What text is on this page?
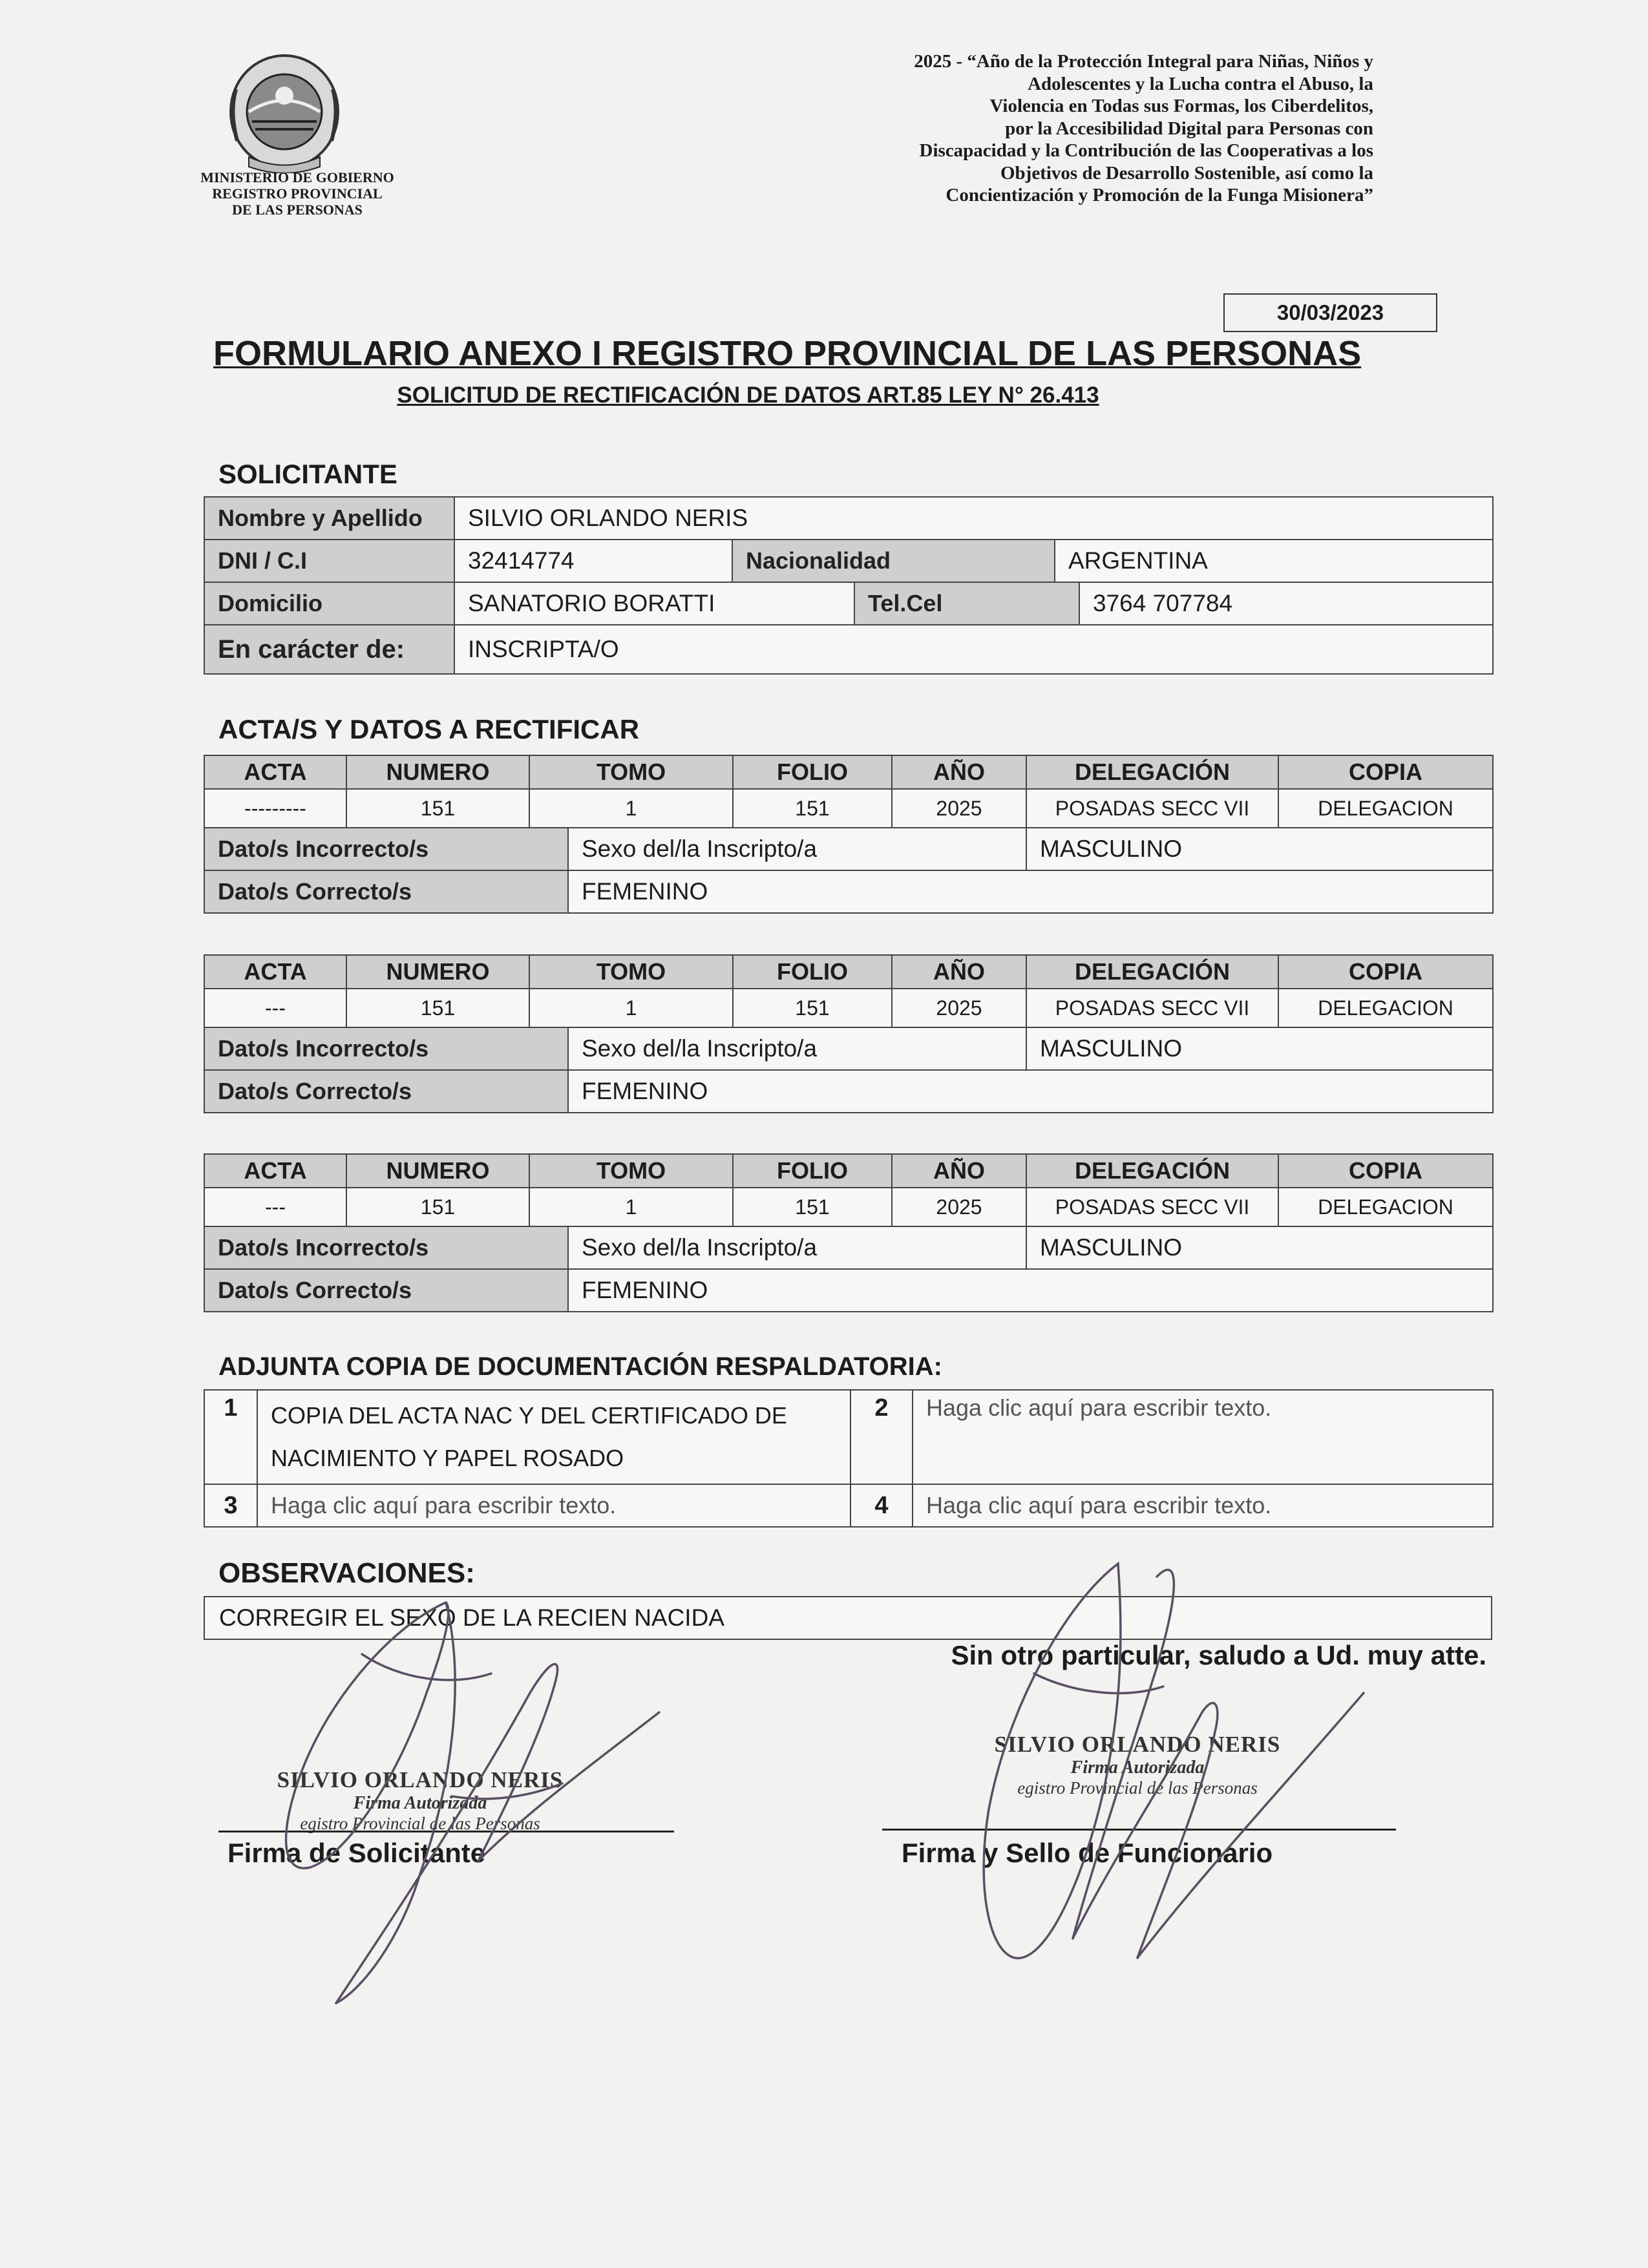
MINISTERIO DE GOBIERNO
REGISTRO PROVINCIAL
DE LAS PERSONAS
2025 - “Año de la Protección Integral para Niñas, Niños y
Adolescentes y la Lucha contra el Abuso, la
Violencia en Todas sus Formas, los Ciberdelitos,
por la Accesibilidad Digital para Personas con
Discapacidad y la Contribución de las Cooperativas a los
Objetivos de Desarrollo Sostenible, así como la
Concientización y Promoción de la Funga Misionera”
30/03/2023
FORMULARIO ANEXO I REGISTRO PROVINCIAL DE LAS PERSONAS
SOLICITUD DE RECTIFICACIÓN DE DATOS ART.85 LEY N° 26.413
SOLICITANTE
Nombre y Apellido	SILVIO ORLANDO NERIS				
DNI / C.I	32414774	Nacionalidad		ARGENTINA	
Domicilio	SANATORIO BORATTI		Tel.Cel		3764 707784
En carácter de:	INSCRIPTA/O				
ACTA/S Y DATOS A RECTIFICAR
ACTA	NUMERO	TOMO		FOLIO	AÑO	DELEGACIÓN	COPIA
---------	151	1		151	2025	POSADAS SECC VII	DELEGACION
Dato/s Incorrecto/s			Sexo del/la Inscripto/a			MASCULINO	
Dato/s Correcto/s			FEMENINO				
ACTA	NUMERO	TOMO		FOLIO	AÑO	DELEGACIÓN	COPIA
---	151	1		151	2025	POSADAS SECC VII	DELEGACION
Dato/s Incorrecto/s			Sexo del/la Inscripto/a			MASCULINO	
Dato/s Correcto/s			FEMENINO				
ACTA	NUMERO	TOMO		FOLIO	AÑO	DELEGACIÓN	COPIA
---	151	1		151	2025	POSADAS SECC VII	DELEGACION
Dato/s Incorrecto/s			Sexo del/la Inscripto/a			MASCULINO	
Dato/s Correcto/s			FEMENINO				
ADJUNTA COPIA DE DOCUMENTACIÓN RESPALDATORIA:
1	COPIA DEL ACTA NAC Y DEL CERTIFICADO DE
NACIMIENTO Y PAPEL ROSADO	2	Haga clic aquí para escribir texto.
3	Haga clic aquí para escribir texto.	4	Haga clic aquí para escribir texto.
OBSERVACIONES:
CORREGIR EL SEXO DE LA RECIEN NACIDA
Sin otro particular, saludo a Ud. muy atte.
SILVIO ORLANDO NERIS
Firma Autorizada
egistro Provincial de las Personas
Firma de Solicitante
SILVIO ORLANDO NERIS
Firma Autorizada
egistro Provincial de las Personas
Firma y Sello de Funcionario
